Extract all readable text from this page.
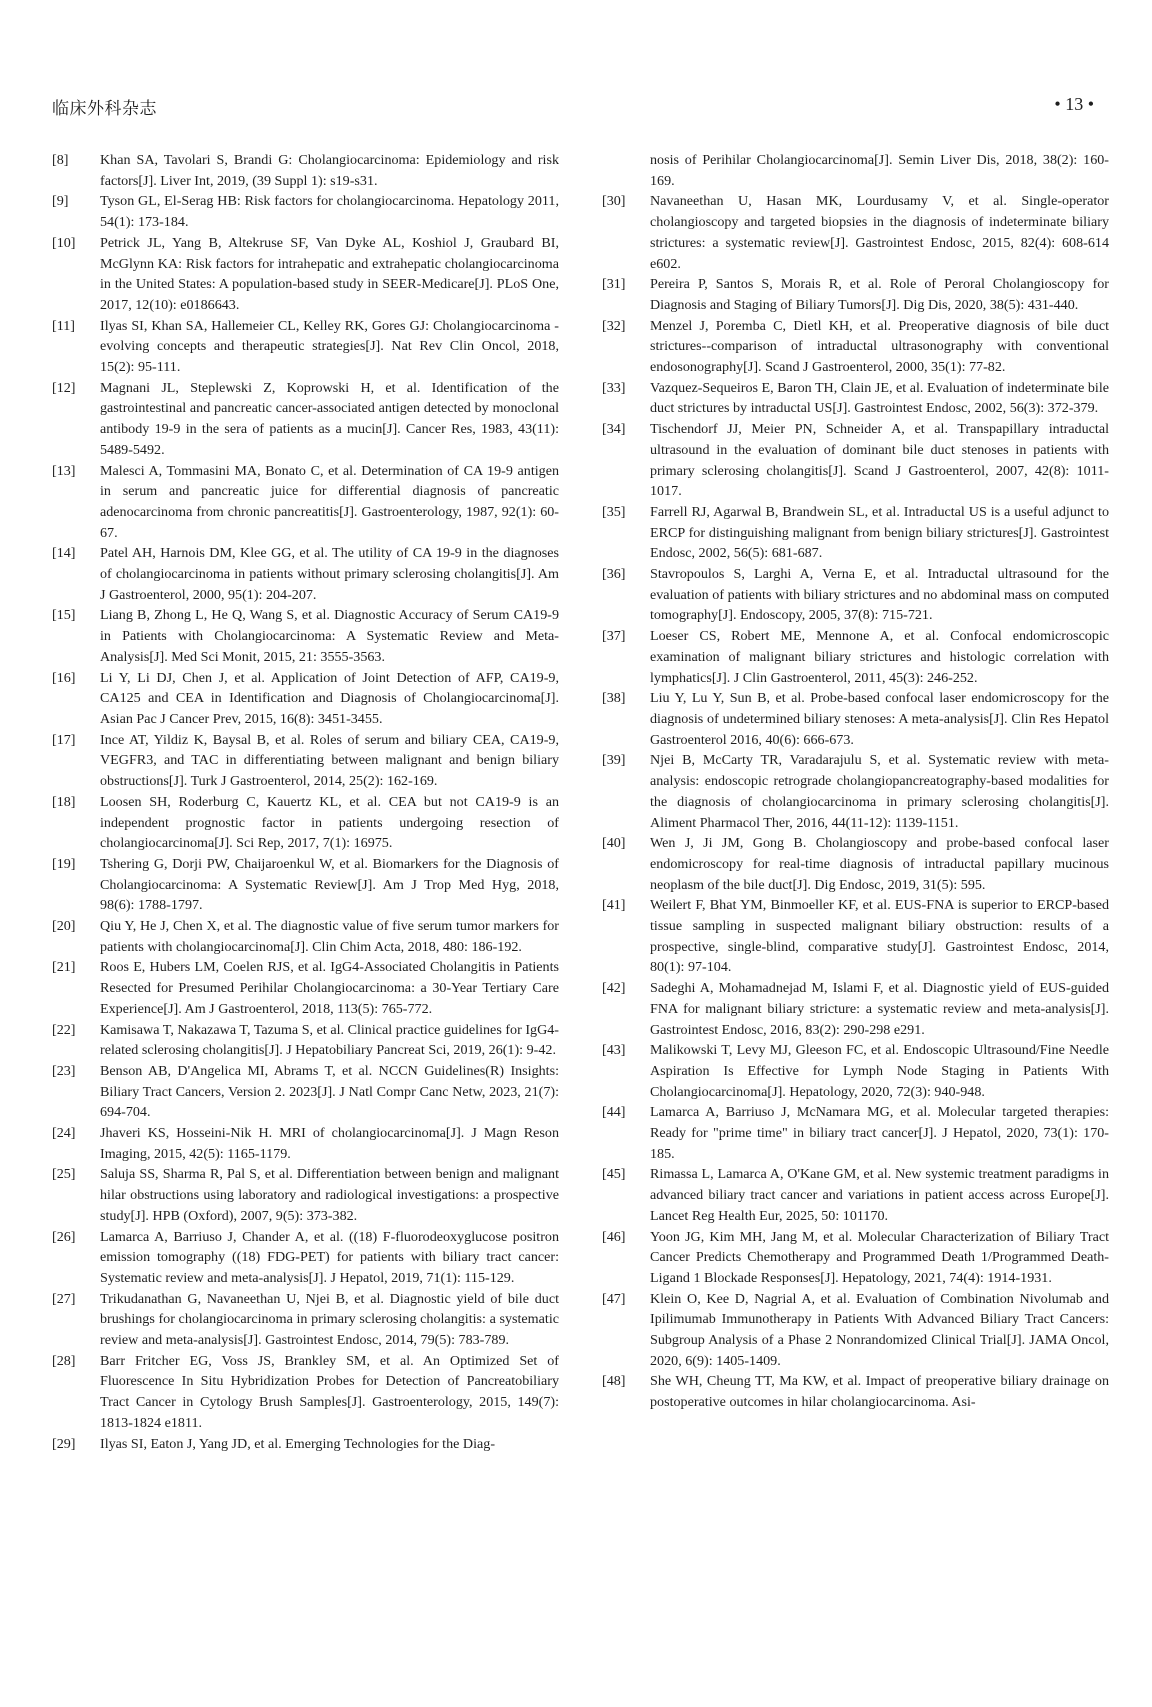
临床外科杂志	• 13 •
[8]	Khan SA, Tavolari S, Brandi G: Cholangiocarcinoma: Epidemiology and risk factors[J]. Liver Int, 2019, (39 Suppl 1): s19-s31.
[9]	Tyson GL, El-Serag HB: Risk factors for cholangiocarcinoma. Hepatology 2011, 54(1): 173-184.
[10]	Petrick JL, Yang B, Altekruse SF, Van Dyke AL, Koshiol J, Graubard BI, McGlynn KA: Risk factors for intrahepatic and extrahepatic cholangiocarcinoma in the United States: A population-based study in SEER-Medicare[J]. PLoS One, 2017, 12(10): e0186643.
[11]	Ilyas SI, Khan SA, Hallemeier CL, Kelley RK, Gores GJ: Cholangiocarcinoma - evolving concepts and therapeutic strategies[J]. Nat Rev Clin Oncol, 2018, 15(2): 95-111.
[12]	Magnani JL, Steplewski Z, Koprowski H, et al. Identification of the gastrointestinal and pancreatic cancer-associated antigen detected by monoclonal antibody 19-9 in the sera of patients as a mucin[J]. Cancer Res, 1983, 43(11): 5489-5492.
[13]	Malesci A, Tommasini MA, Bonato C, et al. Determination of CA 19-9 antigen in serum and pancreatic juice for differential diagnosis of pancreatic adenocarcinoma from chronic pancreatitis[J]. Gastroenterology, 1987, 92(1): 60-67.
[14]	Patel AH, Harnois DM, Klee GG, et al. The utility of CA 19-9 in the diagnoses of cholangiocarcinoma in patients without primary sclerosing cholangitis[J]. Am J Gastroenterol, 2000, 95(1): 204-207.
[15]	Liang B, Zhong L, He Q, Wang S, et al. Diagnostic Accuracy of Serum CA19-9 in Patients with Cholangiocarcinoma: A Systematic Review and Meta-Analysis[J]. Med Sci Monit, 2015, 21: 3555-3563.
[16]	Li Y, Li DJ, Chen J, et al. Application of Joint Detection of AFP, CA19-9, CA125 and CEA in Identification and Diagnosis of Cholangiocarcinoma[J]. Asian Pac J Cancer Prev, 2015, 16(8): 3451-3455.
[17]	Ince AT, Yildiz K, Baysal B, et al. Roles of serum and biliary CEA, CA19-9, VEGFR3, and TAC in differentiating between malignant and benign biliary obstructions[J]. Turk J Gastroenterol, 2014, 25(2): 162-169.
[18]	Loosen SH, Roderburg C, Kauertz KL, et al. CEA but not CA19-9 is an independent prognostic factor in patients undergoing resection of cholangiocarcinoma[J]. Sci Rep, 2017, 7(1): 16975.
[19]	Tshering G, Dorji PW, Chaijaroenkul W, et al. Biomarkers for the Diagnosis of Cholangiocarcinoma: A Systematic Review[J]. Am J Trop Med Hyg, 2018, 98(6): 1788-1797.
[20]	Qiu Y, He J, Chen X, et al. The diagnostic value of five serum tumor markers for patients with cholangiocarcinoma[J]. Clin Chim Acta, 2018, 480: 186-192.
[21]	Roos E, Hubers LM, Coelen RJS, et al. IgG4-Associated Cholangitis in Patients Resected for Presumed Perihilar Cholangiocarcinoma: a 30-Year Tertiary Care Experience[J]. Am J Gastroenterol, 2018, 113(5): 765-772.
[22]	Kamisawa T, Nakazawa T, Tazuma S, et al. Clinical practice guidelines for IgG4-related sclerosing cholangitis[J]. J Hepatobiliary Pancreat Sci, 2019, 26(1): 9-42.
[23]	Benson AB, D'Angelica MI, Abrams T, et al. NCCN Guidelines(R) Insights: Biliary Tract Cancers, Version 2. 2023[J]. J Natl Compr Canc Netw, 2023, 21(7): 694-704.
[24]	Jhaveri KS, Hosseini-Nik H. MRI of cholangiocarcinoma[J]. J Magn Reson Imaging, 2015, 42(5): 1165-1179.
[25]	Saluja SS, Sharma R, Pal S, et al. Differentiation between benign and malignant hilar obstructions using laboratory and radiological investigations: a prospective study[J]. HPB (Oxford), 2007, 9(5): 373-382.
[26]	Lamarca A, Barriuso J, Chander A, et al. ((18) F-fluorodeoxyglucose positron emission tomography ((18) FDG-PET) for patients with biliary tract cancer: Systematic review and meta-analysis[J]. J Hepatol, 2019, 71(1): 115-129.
[27]	Trikudanathan G, Navaneethan U, Njei B, et al. Diagnostic yield of bile duct brushings for cholangiocarcinoma in primary sclerosing cholangitis: a systematic review and meta-analysis[J]. Gastrointest Endosc, 2014, 79(5): 783-789.
[28]	Barr Fritcher EG, Voss JS, Brankley SM, et al. An Optimized Set of Fluorescence In Situ Hybridization Probes for Detection of Pancreatobiliary Tract Cancer in Cytology Brush Samples[J]. Gastroenterology, 2015, 149(7): 1813-1824 e1811.
[29]	Ilyas SI, Eaton J, Yang JD, et al. Emerging Technologies for the Diag-
nosis of Perihilar Cholangiocarcinoma[J]. Semin Liver Dis, 2018, 38(2): 160-169.
[30]	Navaneethan U, Hasan MK, Lourdusamy V, et al. Single-operator cholangioscopy and targeted biopsies in the diagnosis of indeterminate biliary strictures: a systematic review[J]. Gastrointest Endosc, 2015, 82(4): 608-614 e602.
[31]	Pereira P, Santos S, Morais R, et al. Role of Peroral Cholangioscopy for Diagnosis and Staging of Biliary Tumors[J]. Dig Dis, 2020, 38(5): 431-440.
[32]	Menzel J, Poremba C, Dietl KH, et al. Preoperative diagnosis of bile duct strictures--comparison of intraductal ultrasonography with conventional endosonography[J]. Scand J Gastroenterol, 2000, 35(1): 77-82.
[33]	Vazquez-Sequeiros E, Baron TH, Clain JE, et al. Evaluation of indeterminate bile duct strictures by intraductal US[J]. Gastrointest Endosc, 2002, 56(3): 372-379.
[34]	Tischendorf JJ, Meier PN, Schneider A, et al. Transpapillary intraductal ultrasound in the evaluation of dominant bile duct stenoses in patients with primary sclerosing cholangitis[J]. Scand J Gastroenterol, 2007, 42(8): 1011-1017.
[35]	Farrell RJ, Agarwal B, Brandwein SL, et al. Intraductal US is a useful adjunct to ERCP for distinguishing malignant from benign biliary strictures[J]. Gastrointest Endosc, 2002, 56(5): 681-687.
[36]	Stavropoulos S, Larghi A, Verna E, et al. Intraductal ultrasound for the evaluation of patients with biliary strictures and no abdominal mass on computed tomography[J]. Endoscopy, 2005, 37(8): 715-721.
[37]	Loeser CS, Robert ME, Mennone A, et al. Confocal endomicroscopic examination of malignant biliary strictures and histologic correlation with lymphatics[J]. J Clin Gastroenterol, 2011, 45(3): 246-252.
[38]	Liu Y, Lu Y, Sun B, et al. Probe-based confocal laser endomicroscopy for the diagnosis of undetermined biliary stenoses: A meta-analysis[J]. Clin Res Hepatol Gastroenterol 2016, 40(6): 666-673.
[39]	Njei B, McCarty TR, Varadarajulu S, et al. Systematic review with meta-analysis: endoscopic retrograde cholangiopancreatography-based modalities for the diagnosis of cholangiocarcinoma in primary sclerosing cholangitis[J]. Aliment Pharmacol Ther, 2016, 44(11-12): 1139-1151.
[40]	Wen J, Ji JM, Gong B. Cholangioscopy and probe-based confocal laser endomicroscopy for real-time diagnosis of intraductal papillary mucinous neoplasm of the bile duct[J]. Dig Endosc, 2019, 31(5): 595.
[41]	Weilert F, Bhat YM, Binmoeller KF, et al. EUS-FNA is superior to ERCP-based tissue sampling in suspected malignant biliary obstruction: results of a prospective, single-blind, comparative study[J]. Gastrointest Endosc, 2014, 80(1): 97-104.
[42]	Sadeghi A, Mohamadnejad M, Islami F, et al. Diagnostic yield of EUS-guided FNA for malignant biliary stricture: a systematic review and meta-analysis[J]. Gastrointest Endosc, 2016, 83(2): 290-298 e291.
[43]	Malikowski T, Levy MJ, Gleeson FC, et al. Endoscopic Ultrasound/Fine Needle Aspiration Is Effective for Lymph Node Staging in Patients With Cholangiocarcinoma[J]. Hepatology, 2020, 72(3): 940-948.
[44]	Lamarca A, Barriuso J, McNamara MG, et al. Molecular targeted therapies: Ready for "prime time" in biliary tract cancer[J]. J Hepatol, 2020, 73(1): 170-185.
[45]	Rimassa L, Lamarca A, O'Kane GM, et al. New systemic treatment paradigms in advanced biliary tract cancer and variations in patient access across Europe[J]. Lancet Reg Health Eur, 2025, 50: 101170.
[46]	Yoon JG, Kim MH, Jang M, et al. Molecular Characterization of Biliary Tract Cancer Predicts Chemotherapy and Programmed Death 1/Programmed Death-Ligand 1 Blockade Responses[J]. Hepatology, 2021, 74(4): 1914-1931.
[47]	Klein O, Kee D, Nagrial A, et al. Evaluation of Combination Nivolumab and Ipilimumab Immunotherapy in Patients With Advanced Biliary Tract Cancers: Subgroup Analysis of a Phase 2 Nonrandomized Clinical Trial[J]. JAMA Oncol, 2020, 6(9): 1405-1409.
[48]	She WH, Cheung TT, Ma KW, et al. Impact of preoperative biliary drainage on postoperative outcomes in hilar cholangiocarcinoma. Asi-
